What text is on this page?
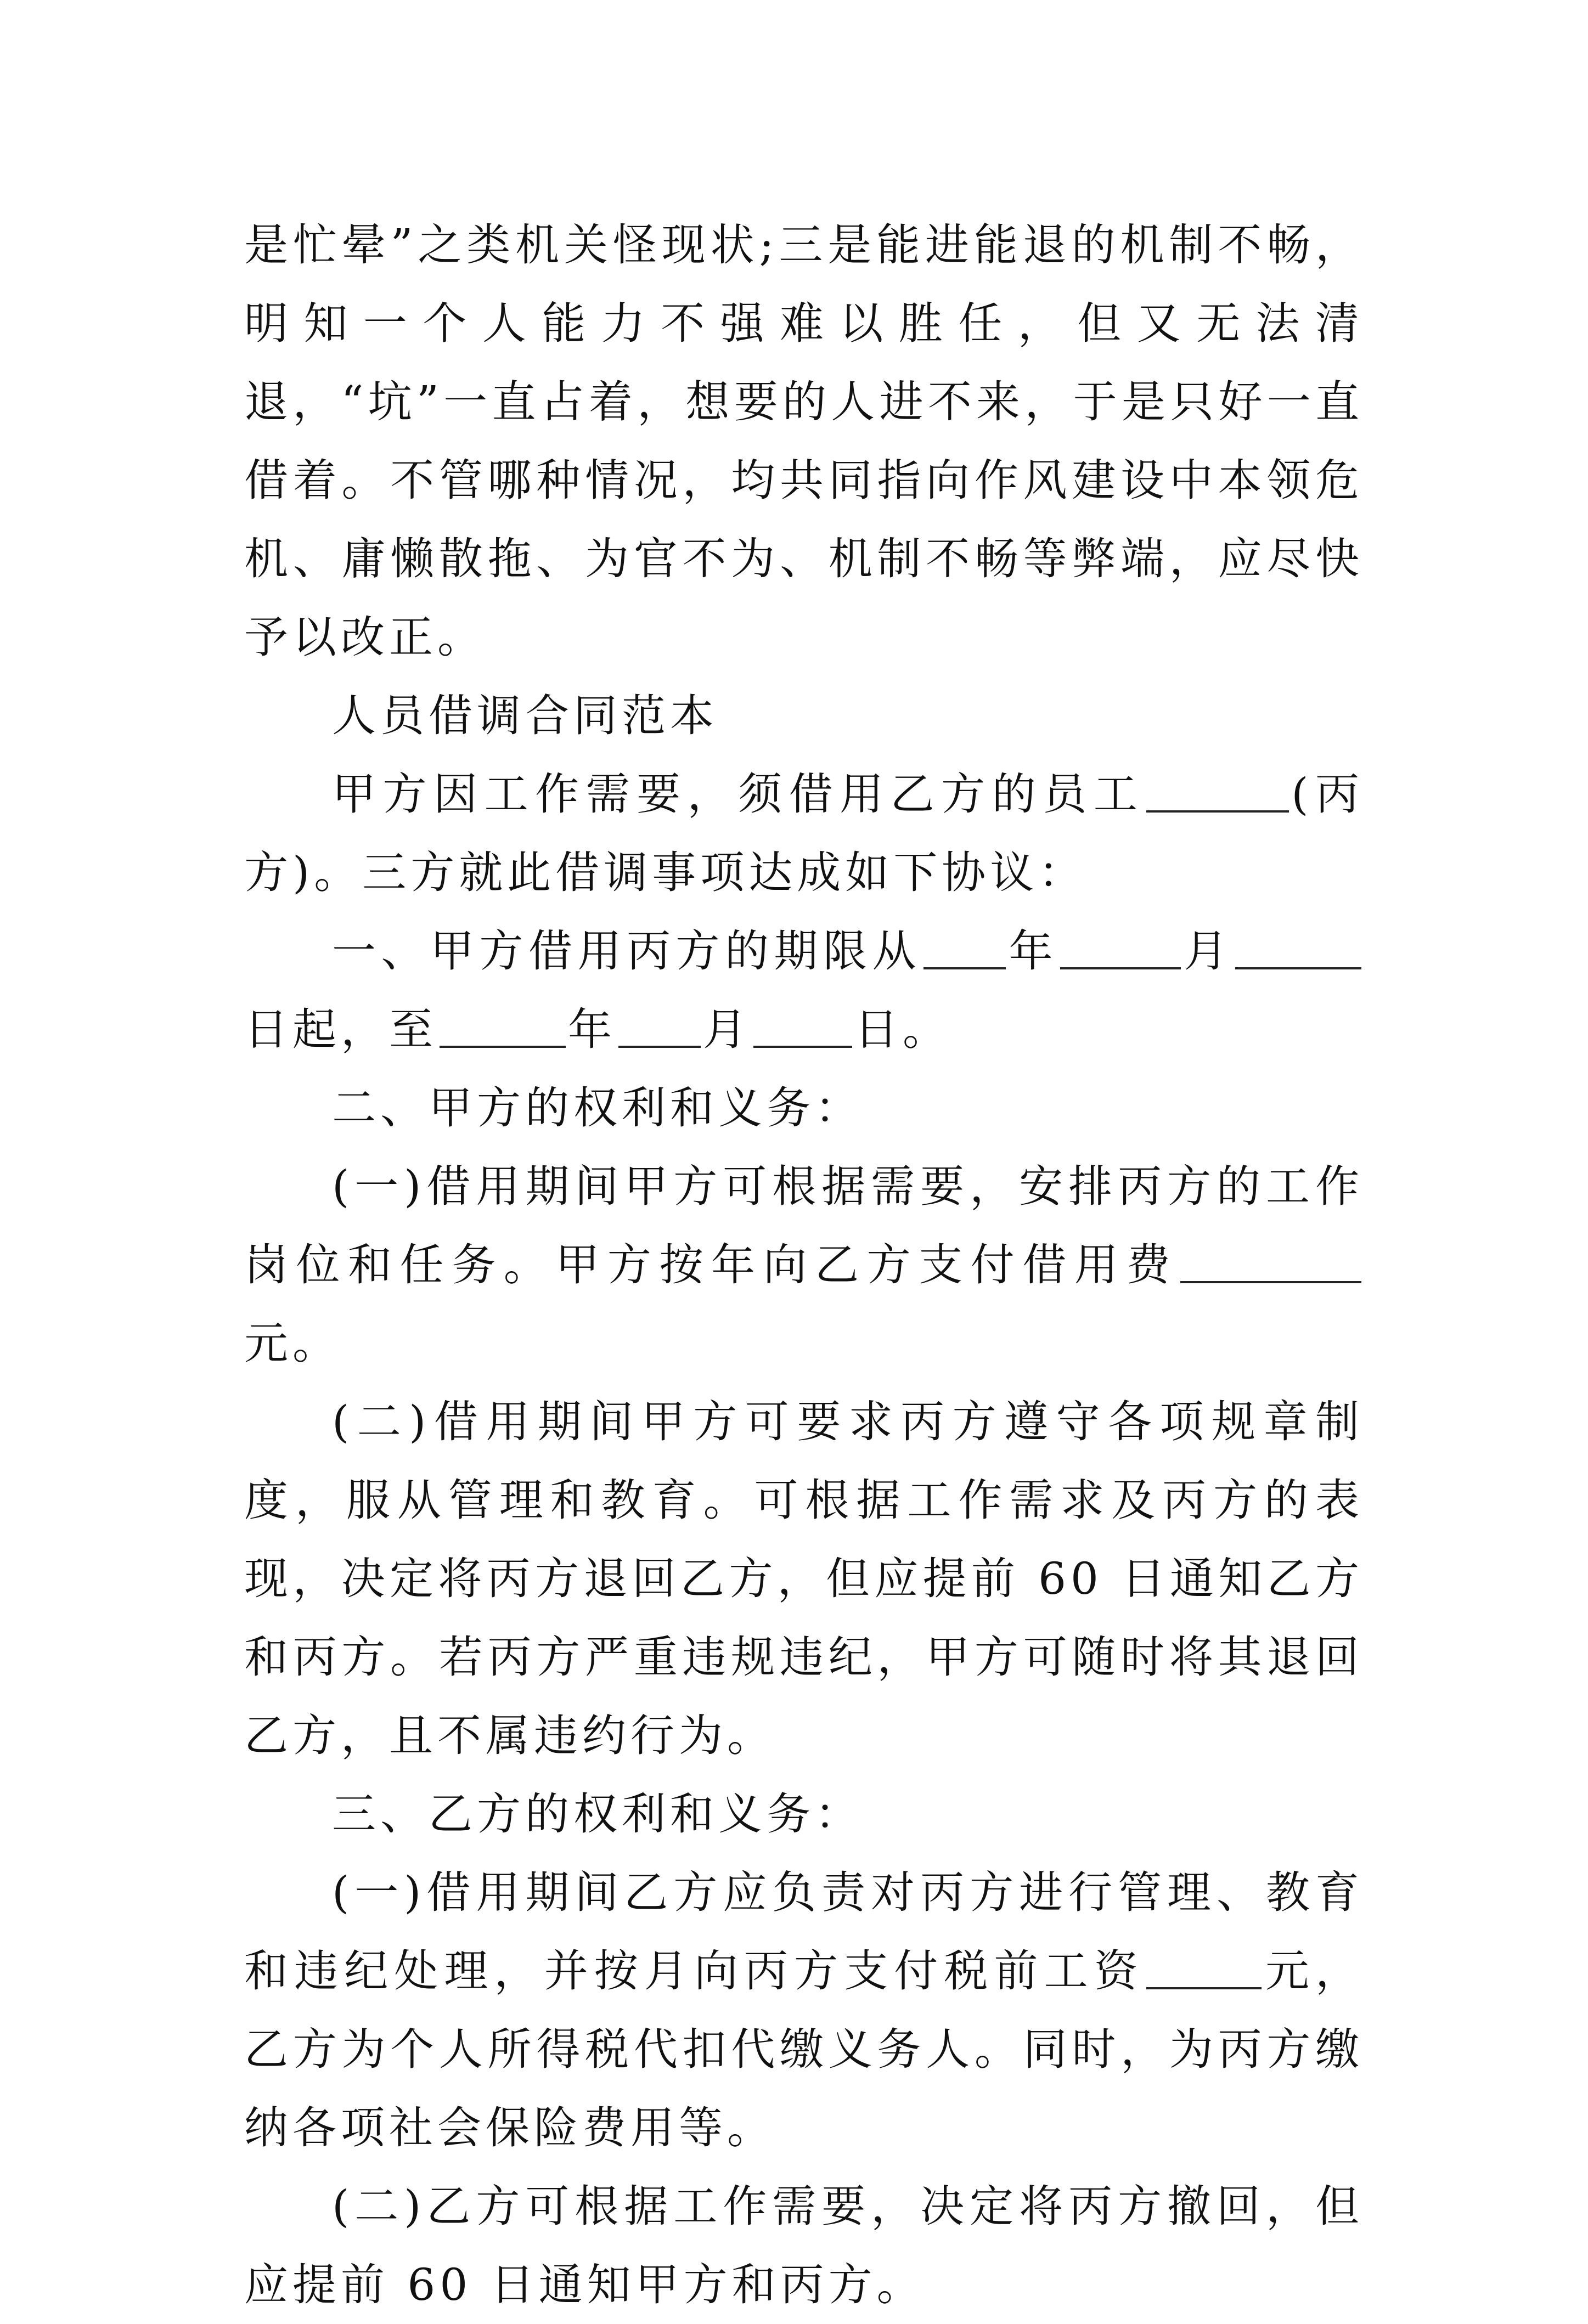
是忙晕”之类机关怪现状;三是能进能退的机制不畅，明知一个人能力不强难以胜任，但又无法清退，“坑”一直占着，想要的人进不来，于是只好一直借着。不管哪种情况，均共同指向作风建设中本领危机、庸懒散拖、为官不为、机制不畅等弊端，应尽快予以改正。

人员借调合同范本

甲方因工作需要，须借用乙方的员工	(丙方)。三方就此借调事项达成如下协议：

一、甲方借用丙方的期限从 年	月日起，至	年 月 日。

二、甲方的权利和义务：

(一)借用期间甲方可根据需要，安排丙方的工作岗位和任务。甲方按年向乙方支付借用费元。

(二)借用期间甲方可要求丙方遵守各项规章制度，服从管理和教育。可根据工作需求及丙方的表现，决定将丙方退回乙方，但应提前 60 日通知乙方和丙方。若丙方严重违规违纪，甲方可随时将其退回乙方，且不属违约行为。

三、乙方的权利和义务：

(一)借用期间乙方应负责对丙方进行管理、教育和违纪处理，并按月向丙方支付税前工资	元，乙方为个人所得税代扣代缴义务人。同时，为丙方缴纳各项社会保险费用等。

(二)乙方可根据工作需要，决定将丙方撤回，但应提前 60 日通知甲方和丙方。
